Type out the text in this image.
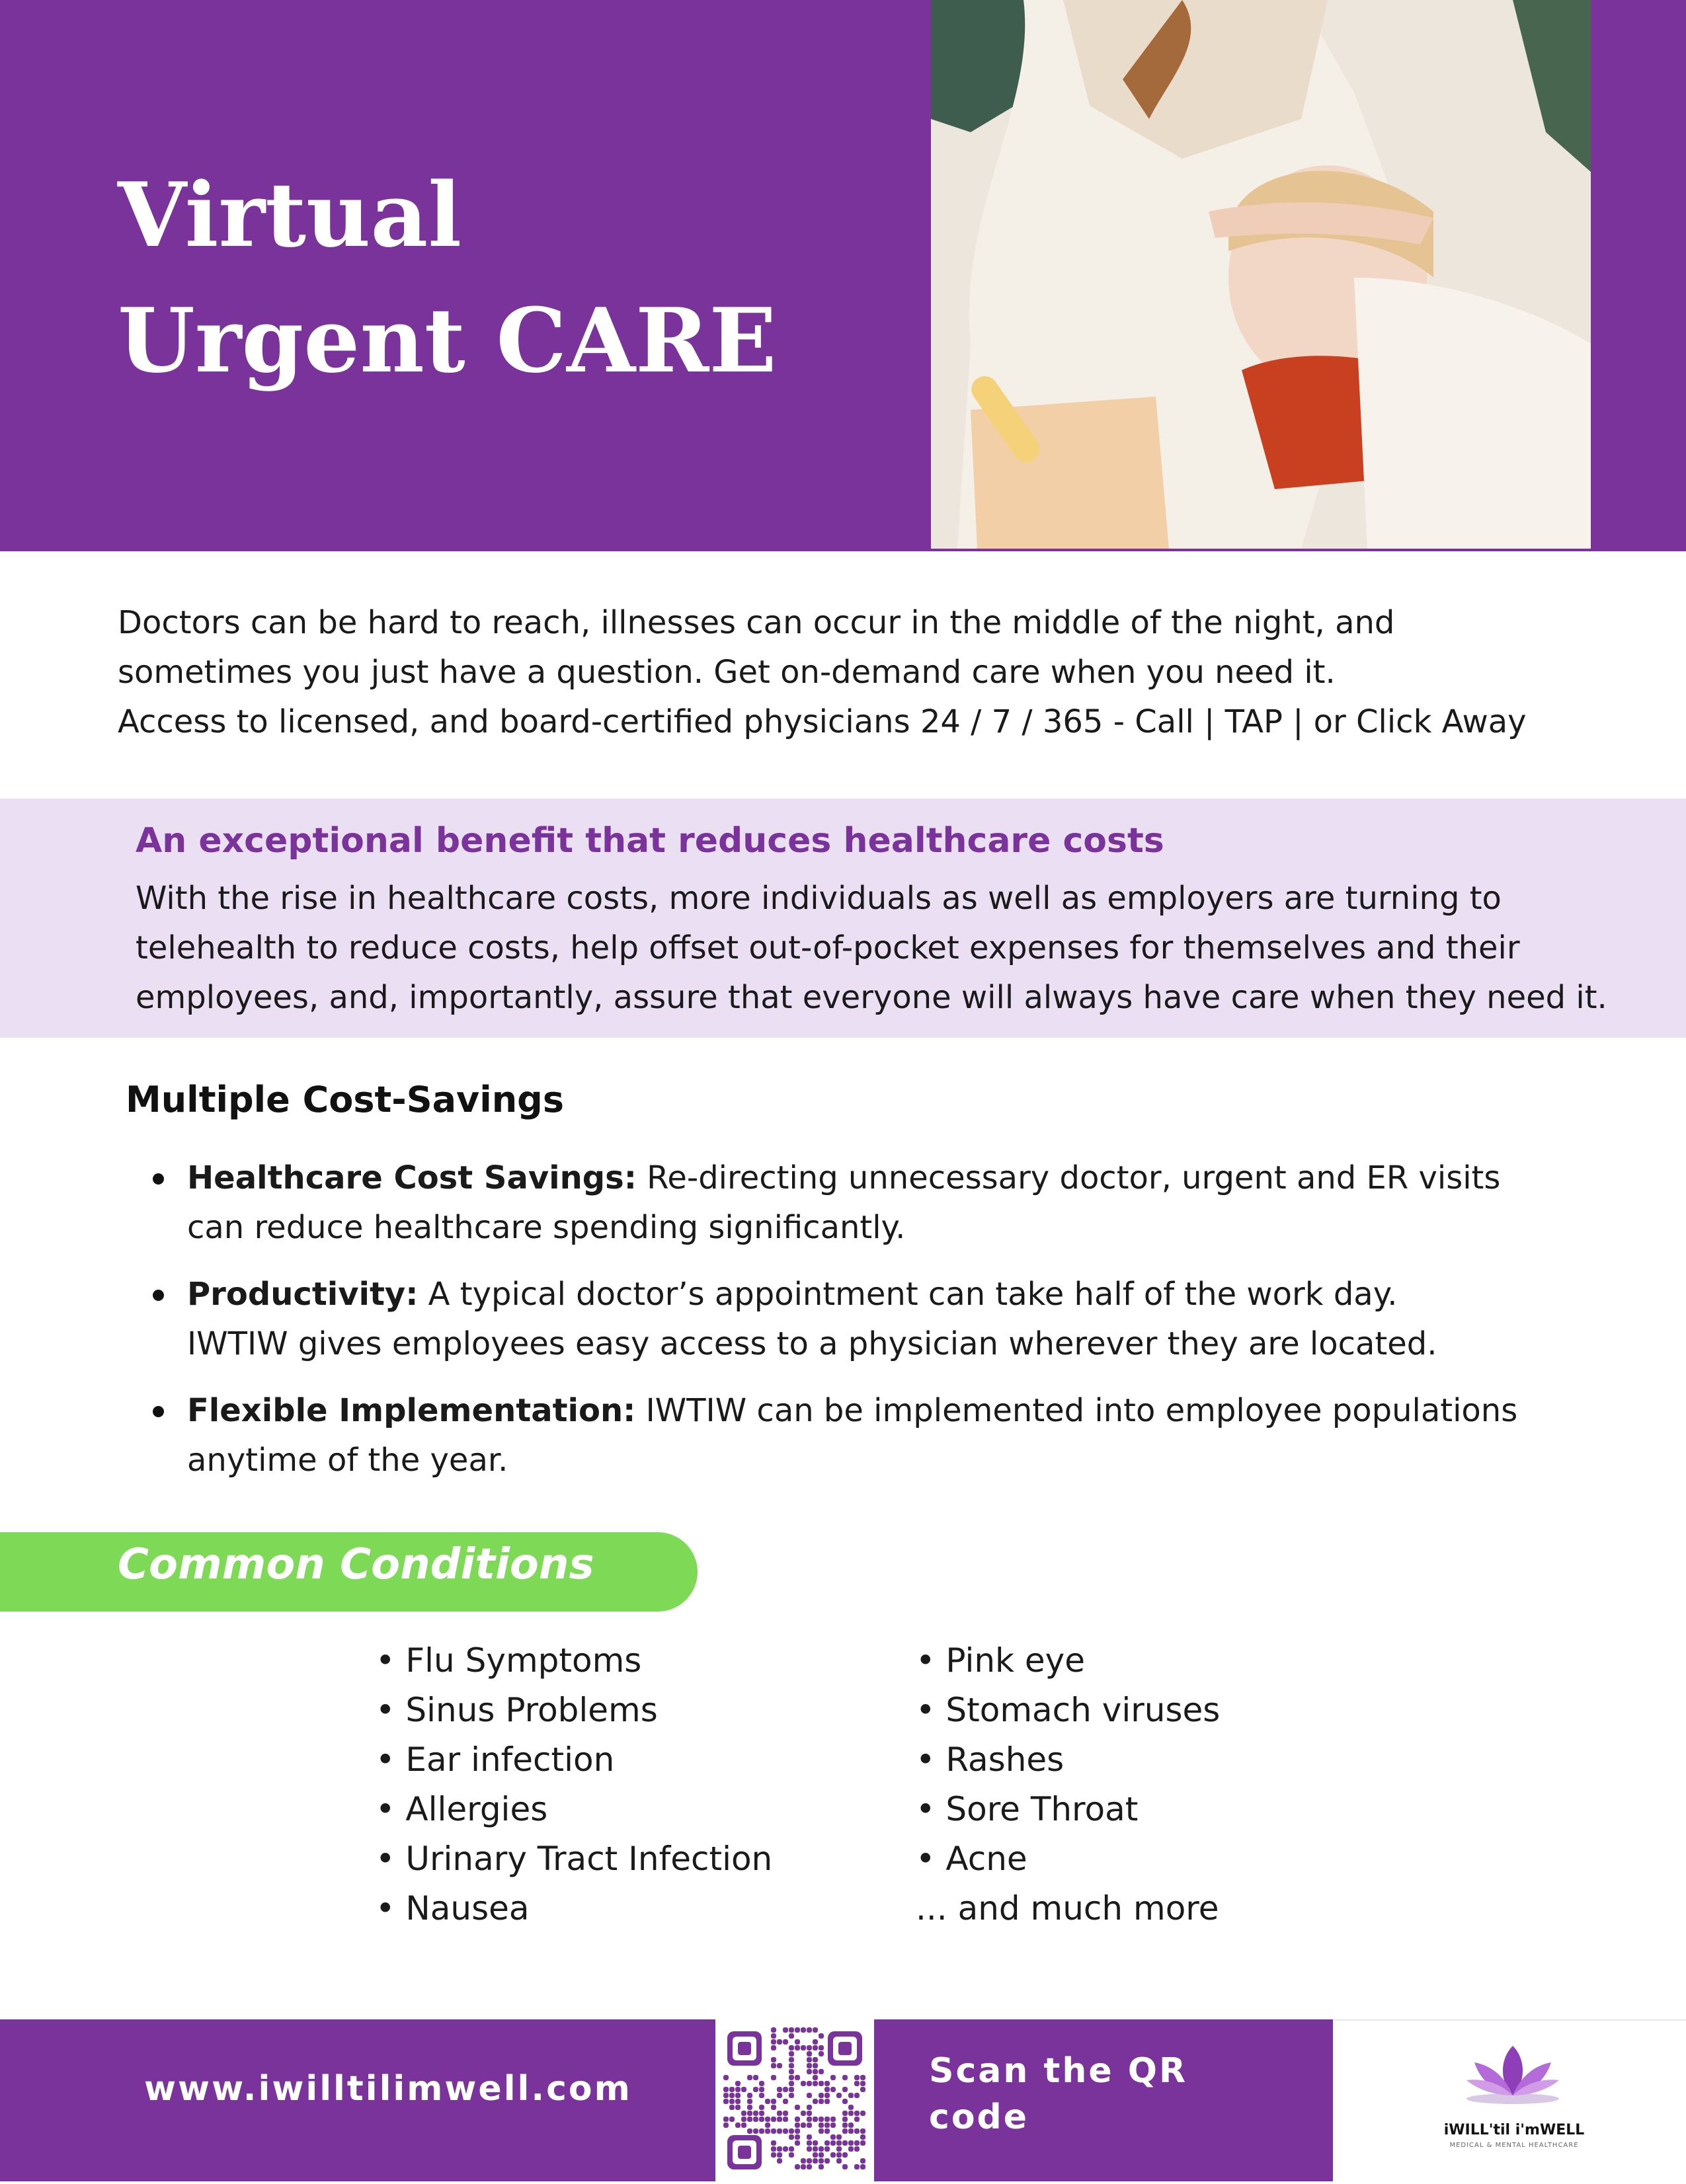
Virtual
Urgent CARE
Doctors can be hard to reach, illnesses can occur in the middle of the night, and
sometimes you just have a question. Get on-demand care when you need it.
Access to licensed, and board-certified physicians 24 / 7 / 365 - Call | TAP | or Click Away
An exceptional benefit that reduces healthcare costs
With the rise in healthcare costs, more individuals as well as employers are turning to
telehealth to reduce costs, help offset out-of-pocket expenses for themselves and their
employees, and, importantly, assure that everyone will always have care when they need it.
Multiple Cost-Savings
Healthcare Cost Savings: Re-directing unnecessary doctor, urgent and ER visits
can reduce healthcare spending significantly.
Productivity: A typical doctor’s appointment can take half of the work day.
IWTIW gives employees easy access to a physician wherever they are located.
Flexible Implementation: IWTIW can be implemented into employee populations
anytime of the year.
Common Conditions
• Flu Symptoms
• Sinus Problems
• Ear infection
• Allergies
• Urinary Tract Infection
• Nausea
• Pink eye
• Stomach viruses
• Rashes
• Sore Throat
• Acne
... and much more
www.iwilltilimwell.com	Scan the QR
code	iWILL'til i'mWELL
MEDICAL & MENTAL HEALTHCARE
